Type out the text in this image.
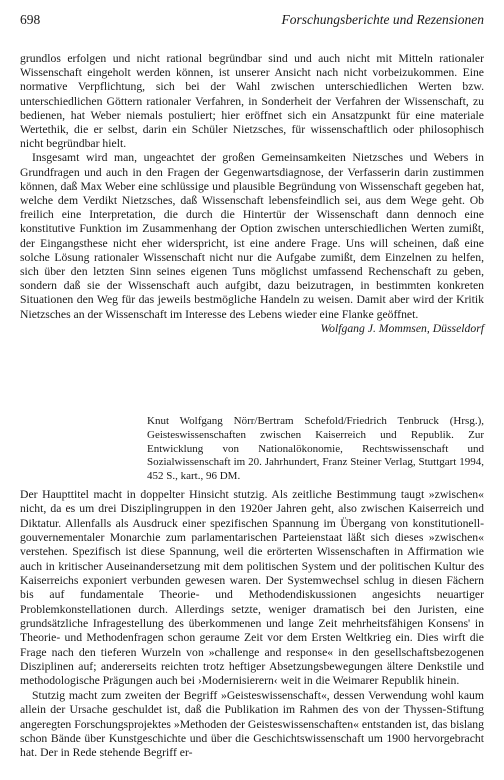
698	Forschungsberichte und Rezensionen

grundlos erfolgen und nicht rational begründbar sind und auch nicht mit Mitteln rationaler Wissenschaft eingeholt werden können, ist unserer Ansicht nach nicht vorbeizukommen. Eine normative Verpflichtung, sich bei der Wahl zwischen unterschiedlichen Werten bzw. unterschiedlichen Göttern rationaler Verfahren, in Sonderheit der Verfahren der Wissenschaft, zu bedienen, hat Weber niemals postuliert; hier eröffnet sich ein Ansatzpunkt für eine materiale Wertethik, die er selbst, darin ein Schüler Nietzsches, für wissenschaftlich oder philosophisch nicht begründbar hielt.

Insgesamt wird man, ungeachtet der großen Gemeinsamkeiten Nietzsches und Webers in Grundfragen und auch in den Fragen der Gegenwartsdiagnose, der Verfasserin darin zustimmen können, daß Max Weber eine schlüssige und plausible Begründung von Wissenschaft gegeben hat, welche dem Verdikt Nietzsches, daß Wissenschaft lebensfeindlich sei, aus dem Wege geht. Ob freilich eine Interpretation, die durch die Hintertür der Wissenschaft dann dennoch eine konstitutive Funktion im Zusammenhang der Option zwischen unterschiedlichen Werten zumißt, der Eingangsthese nicht eher widerspricht, ist eine andere Frage. Uns will scheinen, daß eine solche Lösung rationaler Wissenschaft nicht nur die Aufgabe zumißt, dem Einzelnen zu helfen, sich über den letzten Sinn seines eigenen Tuns möglichst umfassend Rechenschaft zu geben, sondern daß sie der Wissenschaft auch aufgibt, dazu beizutragen, in bestimmten konkreten Situationen den Weg für das jeweils bestmögliche Handeln zu weisen. Damit aber wird der Kritik Nietzsches an der Wissenschaft im Interesse des Lebens wieder eine Flanke geöffnet.

Wolfgang J. Mommsen, Düsseldorf

Knut Wolfgang Nörr/Bertram Schefold/Friedrich Tenbruck (Hrsg.), Geisteswissenschaften zwischen Kaiserreich und Republik. Zur Entwicklung von Nationalökonomie, Rechtswissenschaft und Sozialwissenschaft im 20. Jahrhundert, Franz Steiner Verlag, Stuttgart 1994, 452 S., kart., 96 DM.

Der Haupttitel macht in doppelter Hinsicht stutzig. Als zeitliche Bestimmung taugt »zwischen« nicht, da es um drei Disziplingruppen in den 1920er Jahren geht, also zwischen Kaiserreich und Diktatur. Allenfalls als Ausdruck einer spezifischen Spannung im Übergang von konstitutionell-gouvernementaler Monarchie zum parlamentarischen Parteienstaat läßt sich dieses »zwischen« verstehen. Spezifisch ist diese Spannung, weil die erörterten Wissenschaften in Affirmation wie auch in kritischer Auseinandersetzung mit dem politischen System und der politischen Kultur des Kaiserreichs exponiert verbunden gewesen waren. Der Systemwechsel schlug in diesen Fächern bis auf fundamentale Theorie- und Methodendiskussionen angesichts neuartiger Problemkonstellationen durch. Allerdings setzte, weniger dramatisch bei den Juristen, eine grundsätzliche Infragestellung des überkommenen und lange Zeit mehrheitsfähigen Konsens' in Theorie- und Methodenfragen schon geraume Zeit vor dem Ersten Weltkrieg ein. Dies wirft die Frage nach den tieferen Wurzeln von »challenge and response« in den gesellschaftsbezogenen Disziplinen auf; andererseits reichten trotz heftiger Absetzungsbewegungen ältere Denkstile und methodologische Prägungen auch bei ›Modernisierern‹ weit in die Weimarer Republik hinein.

Stutzig macht zum zweiten der Begriff »Geisteswissenschaft«, dessen Verwendung wohl kaum allein der Ursache geschuldet ist, daß die Publikation im Rahmen des von der Thyssen-Stiftung angeregten Forschungsprojektes »Methoden der Geisteswissenschaften« entstanden ist, das bislang schon Bände über Kunstgeschichte und über die Geschichtswissenschaft um 1900 hervorgebracht hat. Der in Rede stehende Begriff er-
